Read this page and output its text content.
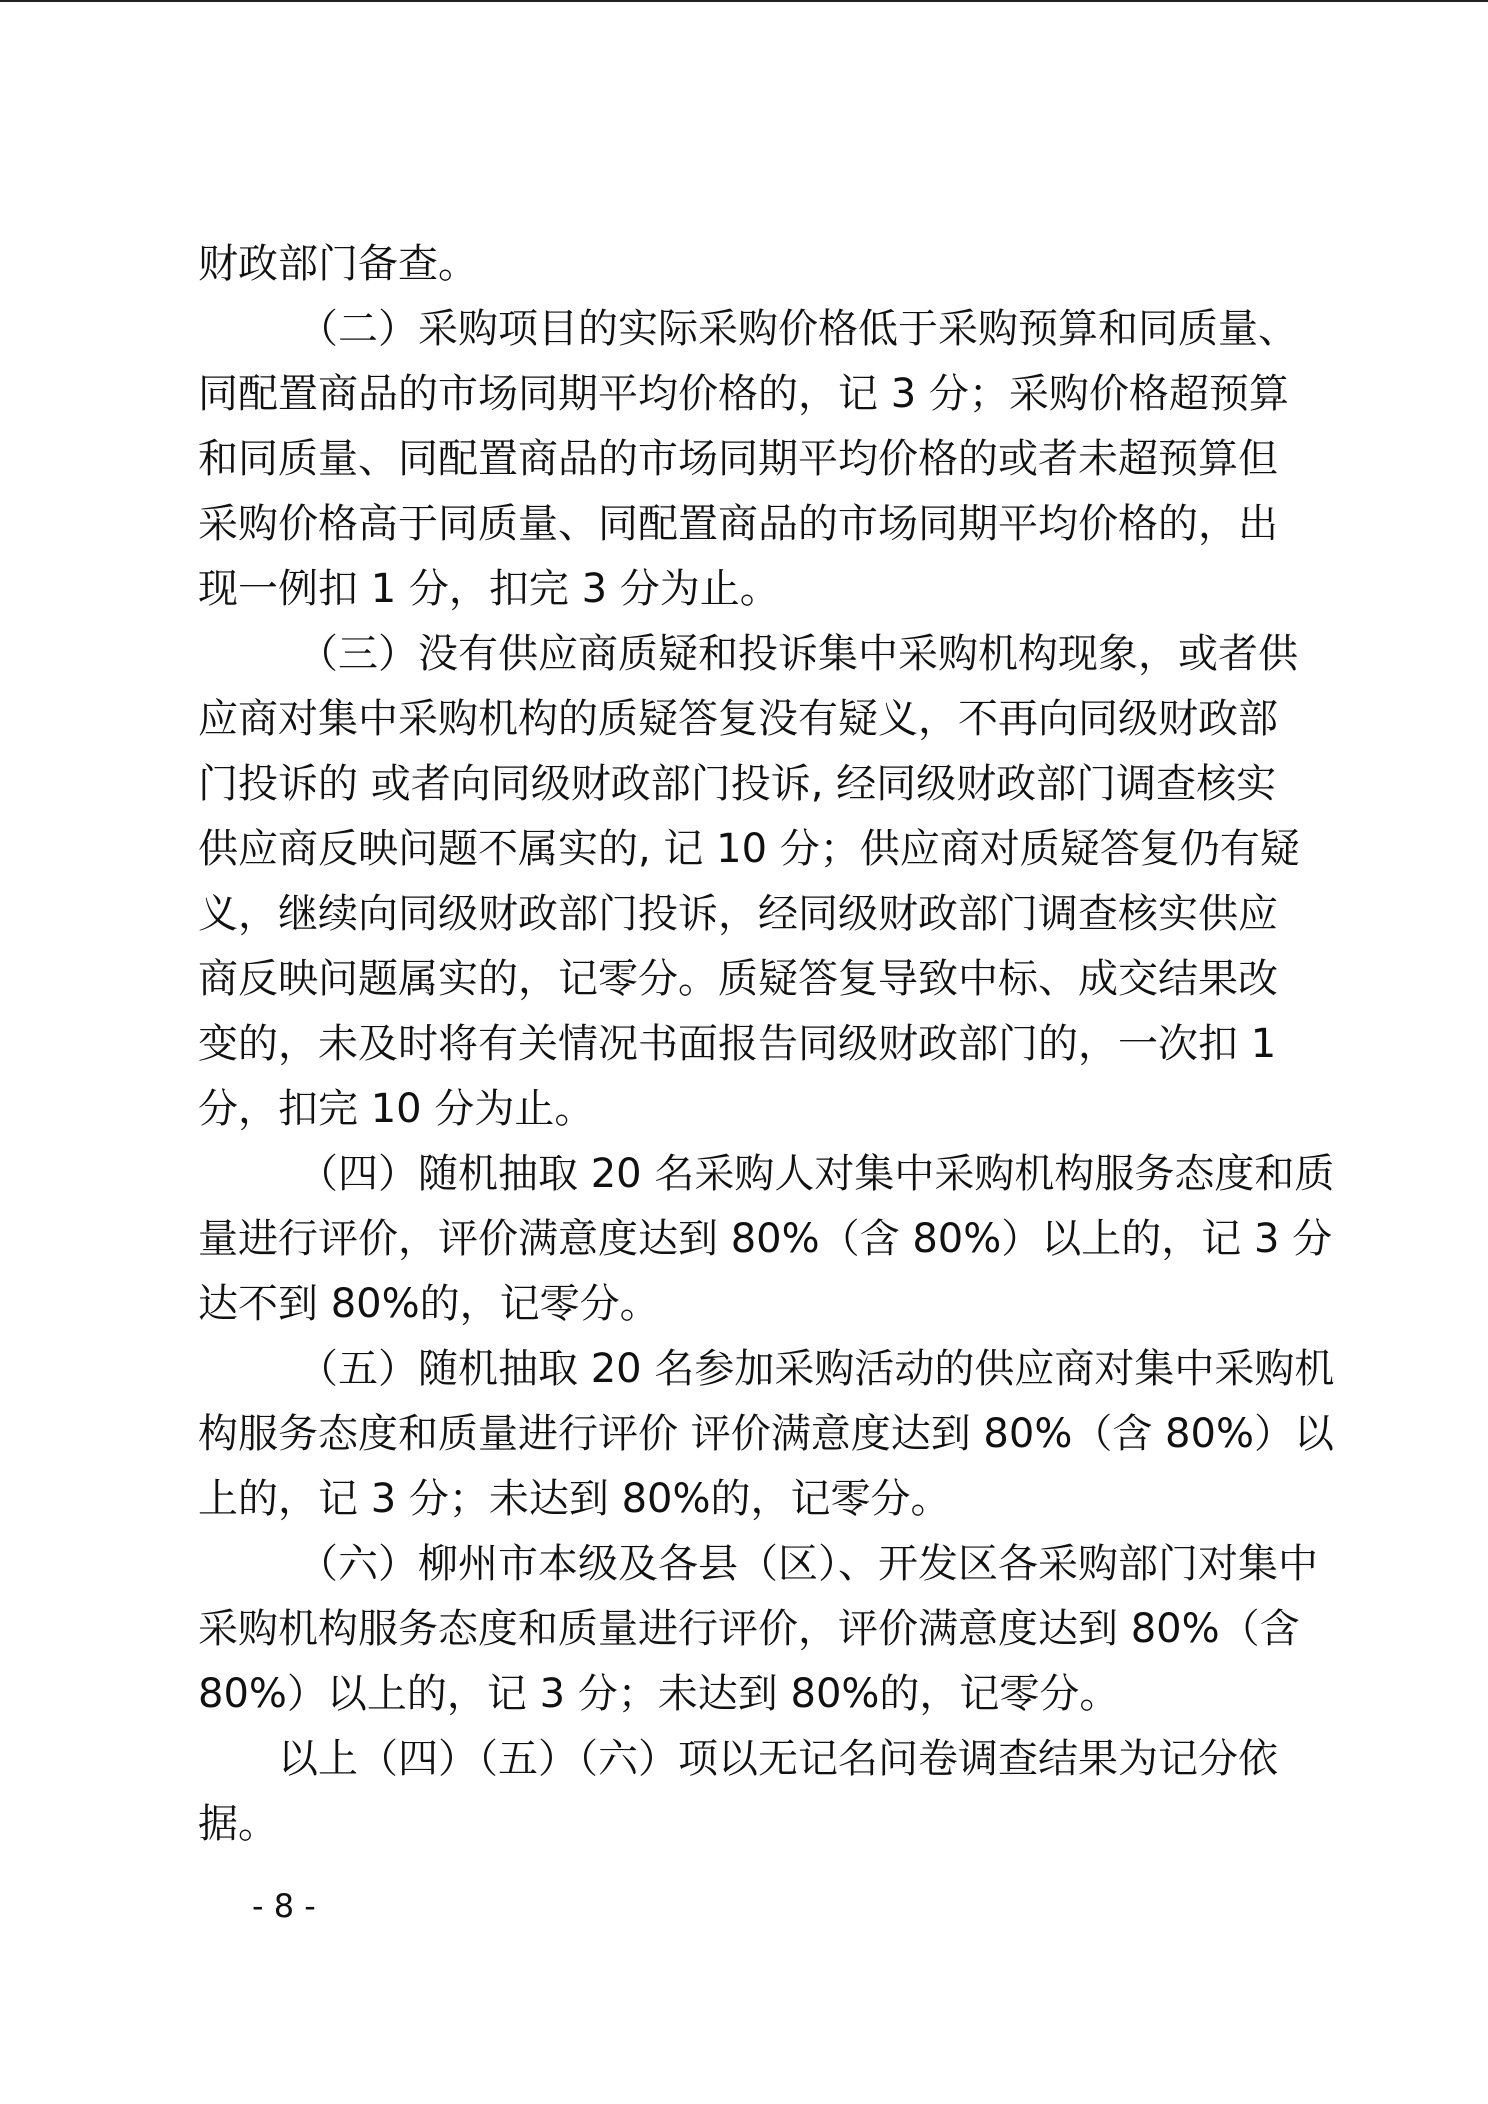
财政部门备查。
（二）采购项目的实际采购价格低于采购预算和同质量、
同配置商品的市场同期平均价格的，记 3 分；采购价格超预算
和同质量、同配置商品的市场同期平均价格的或者未超预算但
采购价格高于同质量、同配置商品的市场同期平均价格的，出
现一例扣 1 分，扣完 3 分为止。
（三）没有供应商质疑和投诉集中采购机构现象，或者供
应商对集中采购机构的质疑答复没有疑义，不再向同级财政部
门投诉的 或者向同级财政部门投诉, 经同级财政部门调查核实
供应商反映问题不属实的, 记 10 分；供应商对质疑答复仍有疑
义，继续向同级财政部门投诉，经同级财政部门调查核实供应
商反映问题属实的，记零分。质疑答复导致中标、成交结果改
变的，未及时将有关情况书面报告同级财政部门的，一次扣 1
分，扣完 10 分为止。
（四）随机抽取 20 名采购人对集中采购机构服务态度和质
量进行评价，评价满意度达到 80%（含 80%）以上的，记 3 分
达不到 80%的，记零分。
（五）随机抽取 20 名参加采购活动的供应商对集中采购机
构服务态度和质量进行评价 评价满意度达到 80%（含 80%）以
上的，记 3 分；未达到 80%的，记零分。
（六）柳州市本级及各县（区）、开发区各采购部门对集中
采购机构服务态度和质量进行评价，评价满意度达到 80%（含
80%）以上的，记 3 分；未达到 80%的，记零分。
以上（四）（五）（六）项以无记名问卷调查结果为记分依
据。
- 8 -
